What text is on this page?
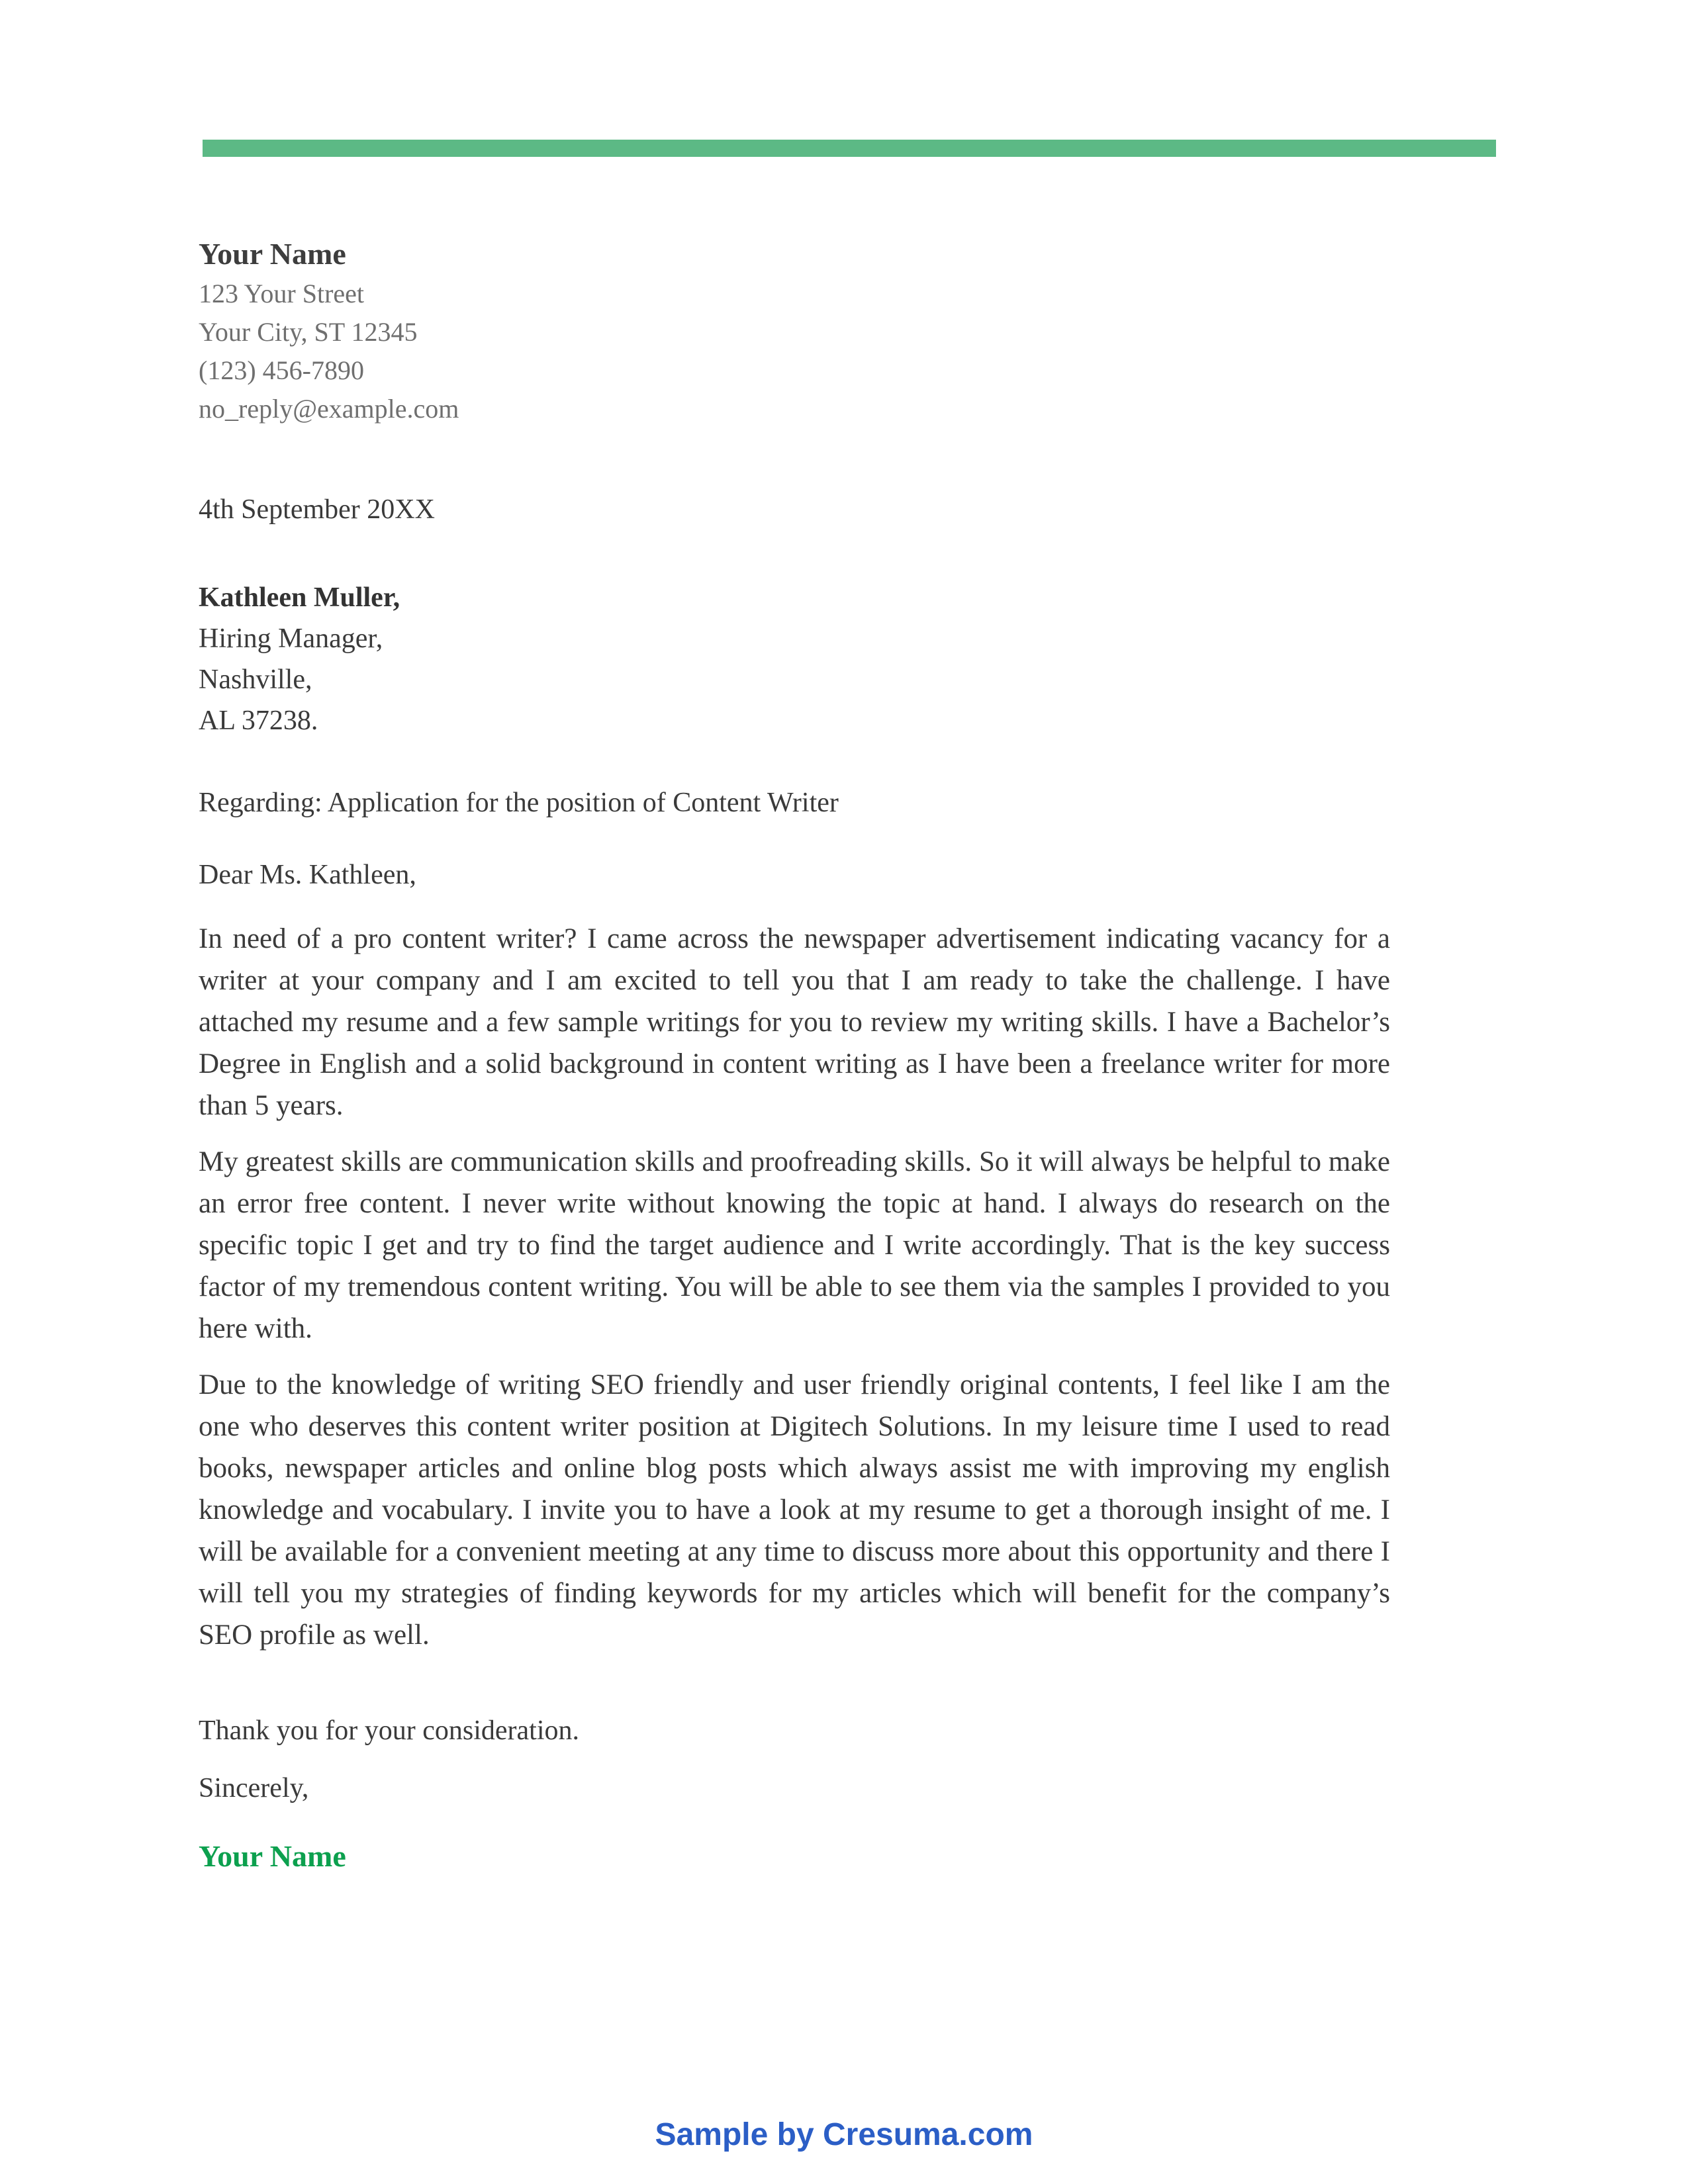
Your Name
123 Your Street
Your City, ST 12345
(123) 456-7890
no_reply@example.com
4th September 20XX
Kathleen Muller,
Hiring Manager,
Nashville,
AL 37238.
Regarding: Application for the position of Content Writer
Dear Ms. Kathleen,

In need of a pro content writer? I came across the newspaper advertisement indicating vacancy for a writer at your company and I am excited to tell you that I am ready to take the challenge. I have attached my resume and a few sample writings for you to review my writing skills. I have a Bachelor’s Degree in English and a solid background in content writing as I have been a freelance writer for more than 5 years.

My greatest skills are communication skills and proofreading skills. So it will always be helpful to make an error free content. I never write without knowing the topic at hand. I always do research on the specific topic I get and try to find the target audience and I write accordingly. That is the key success factor of my tremendous content writing. You will be able to see them via the samples I provided to you here with.

Due to the knowledge of writing SEO friendly and user friendly original contents, I feel like I am the one who deserves this content writer position at Digitech Solutions. In my leisure time I used to read books, newspaper articles and online blog posts which always assist me with improving my english knowledge and vocabulary. I invite you to have a look at my resume to get a thorough insight of me. I will be available for a convenient meeting at any time to discuss more about this opportunity and there I will tell you my strategies of finding keywords for my articles which will benefit for the company’s SEO profile as well.

Thank you for your consideration.
Sincerely,
Your Name
Sample by Cresuma.com
